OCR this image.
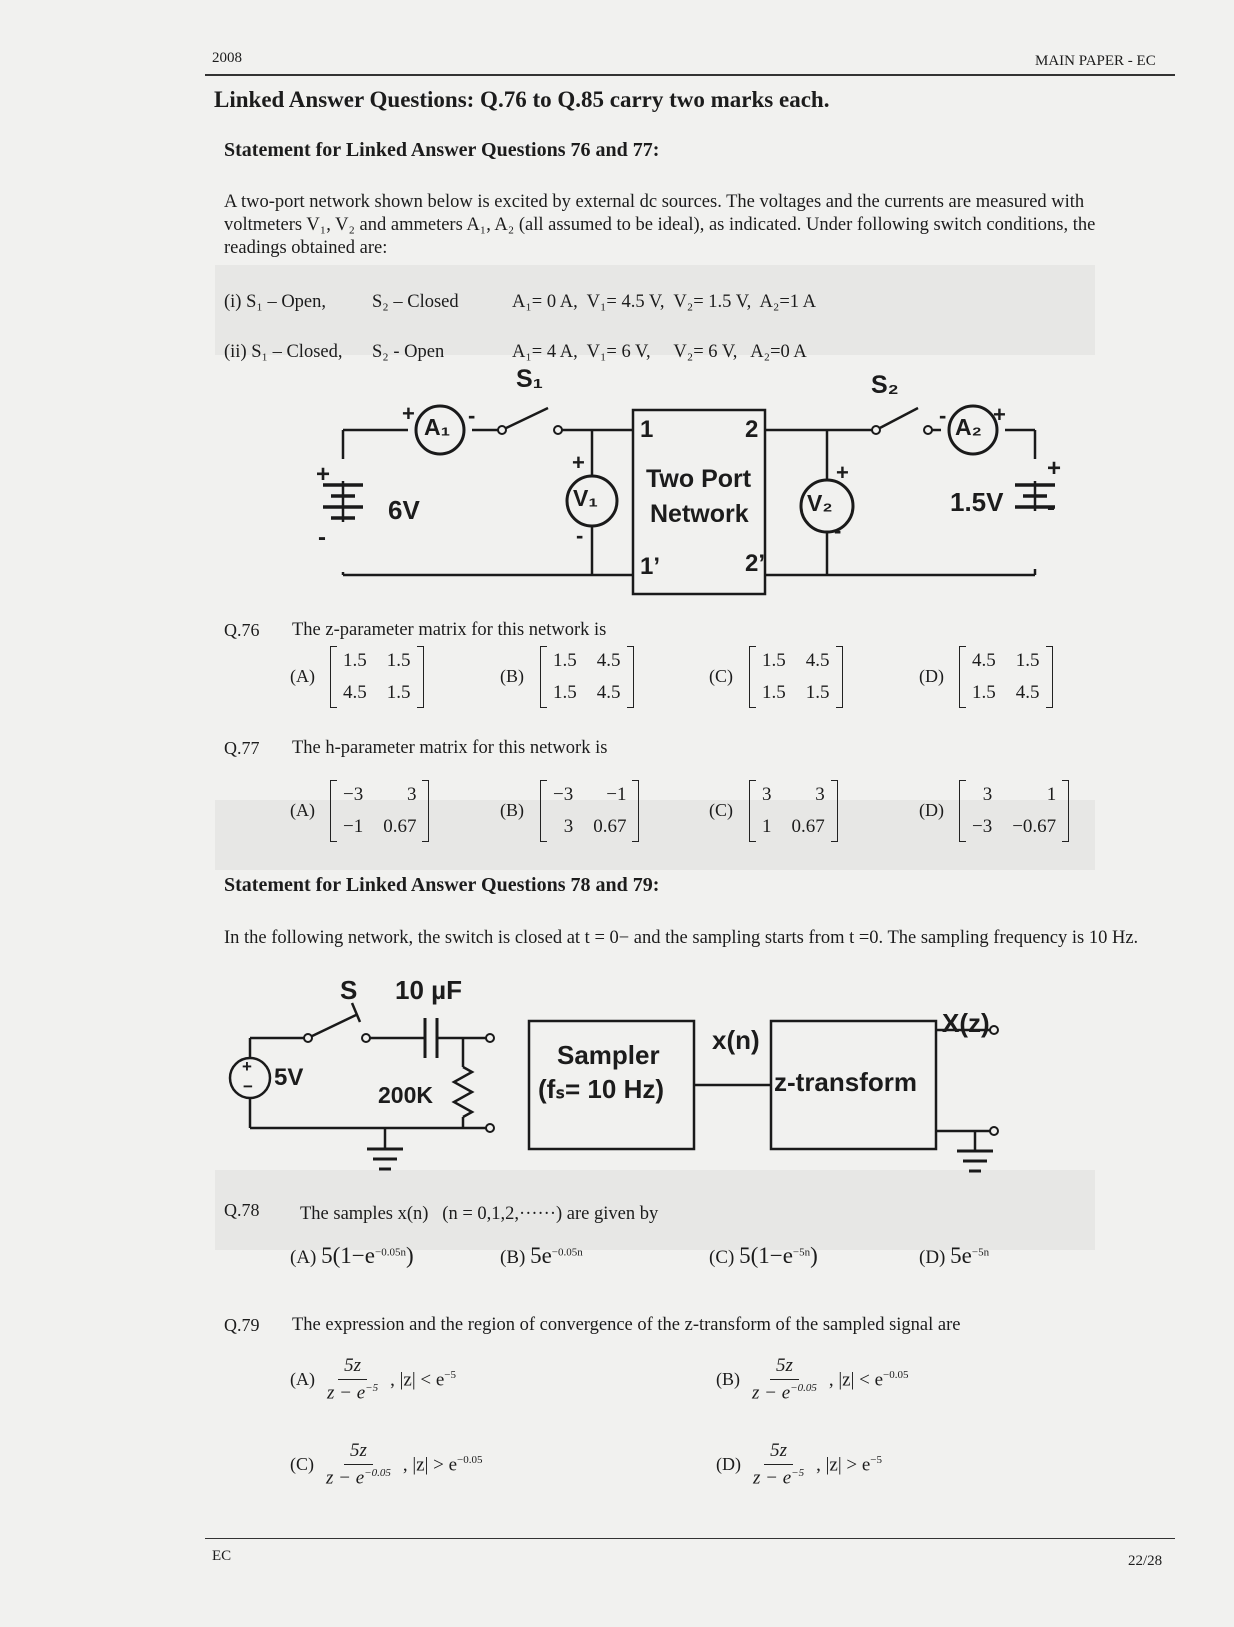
2008	MAIN PAPER - EC
Linked Answer Questions: Q.76 to Q.85 carry two marks each.
Statement for Linked Answer Questions 76 and 77:
A two-port network shown below is excited by external dc sources. The voltages and the currents are measured with voltmeters V₁, V₂ and ammeters A₁, A₂ (all assumed to be ideal), as indicated. Under following switch conditions, the readings obtained are:
(i) S₁ – Open, S₂ – Closed	A₁= 0 A,  V₁= 4.5 V,  V₂= 1.5 V,  A₂=1 A
(ii) S₁ – Closed, S₂ - Open	A₁= 4 A,  V₁= 6 V,     V₂= 6 V,   A₂=0 A
S₁	S₂
A₁	A₂
V₁	V₂
6V	1.5V
1	2
1’	2’
Two Port
Network
+
-
+
-
+ -	- +
+
-
+
-
Q.76 The z-parameter matrix for this network is
(A)
1.5 1.5
4.5 1.5
(B)
1.5 4.5
1.5 4.5
(C)
1.5 4.5
1.5 1.5
(D)
4.5 1.5
1.5 4.5
Q.77 The h-parameter matrix for this network is
(A)
−3	3
−1 0.67
(B)
−3	−1
3 0.67
(C)
3	3
1 0.67
(D)
3	1
−3 −0.67
Statement for Linked Answer Questions 78 and 79:
In the following network, the switch is closed at t = 0− and the sampling starts from t =0. The sampling frequency is 10 Hz.
S 10 µF
5V
200K
+
−
Sampler
(fₛ= 10 Hz)
x(n)
z-transform
X(z)
Q.78 The samples x(n)   (n = 0,1,2,······) are given by
(A) $5(1-e^{-0.05n})$	(B) $5e^{-0.05n}$	(C) $5(1-e^{-5n})$	(D) $5e^{-5n}$
Q.79 The expression and the region of convergence of the z-transform of the sampled signal are
$(A) \frac{5z}{z - e^{-5}}$ , $|z| < e^{-5}$	$(B) \frac{5z}{z - e^{-0.05}}$ , $|z| < e^{-0.05}$
$(C) \frac{5z}{z - e^{-0.05}}$ , $|z| > e^{-0.05}$	$(D) \frac{5z}{z - e^{-5}}$ , $|z| > e^{-5}$
EC	22/28
